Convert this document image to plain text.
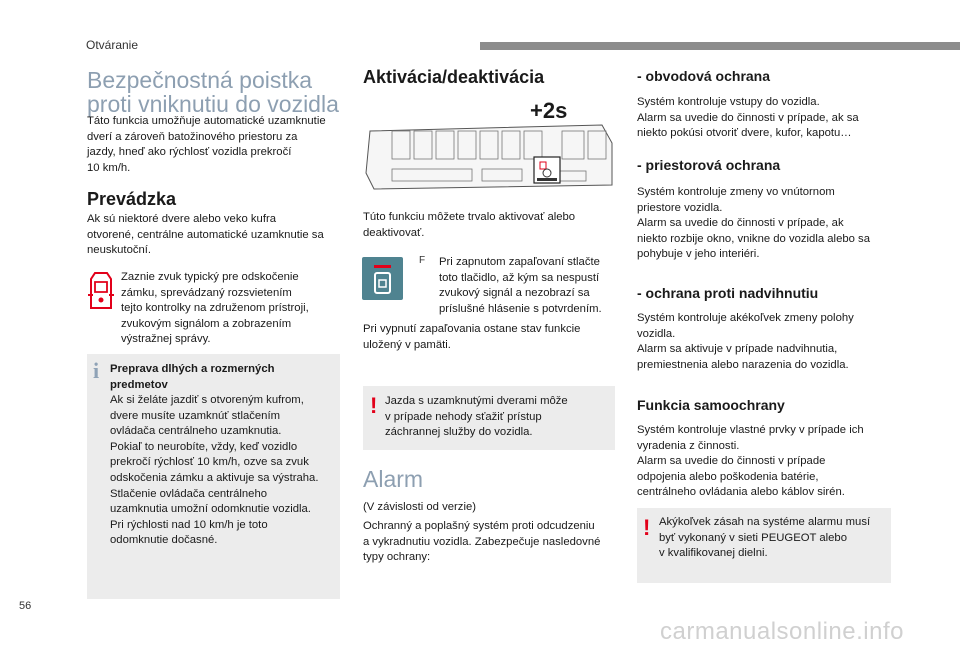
Otváranie
Bezpečnostná poistka
proti vniknutiu do vozidla

Táto funkcia umožňuje automatické uzamknutie
dverí a zároveň batožinového priestoru za
jazdy, hneď ako rýchlosť vozidla prekročí
10 km/h.

Prevádzka

Ak sú niektoré dvere alebo veko kufra
otvorené, centrálne automatické uzamknutie sa
neuskutoční.

Zaznie zvuk typický pre odskočenie
zámku, sprevádzaný rozsvietením
tejto kontrolky na združenom prístroji,
zvukovým signálom a zobrazením
výstražnej správy.

i Preprava dlhých a rozmerných
predmetov

Ak si želáte jazdiť s otvoreným kufrom,
dvere musíte uzamknúť stlačením
ovládača centrálneho uzamknutia.
Pokiaľ to neurobíte, vždy, keď vozidlo
prekročí rýchlosť 10 km/h, ozve sa zvuk
odskočenia zámku a aktivuje sa výstraha.
Stlačenie ovládača centrálneho
uzamknutia umožní odomknutie vozidla.
Pri rýchlosti nad 10 km/h je toto
odomknutie dočasné.

Aktivácia/deaktivácia
+2s

Túto funkciu môžete trvalo aktivovať alebo
deaktivovať.

F Pri zapnutom zapaľovaní stlačte
toto tlačidlo, až kým sa nespustí
zvukový signál a nezobrazí sa
príslušné hlásenie s potvrdením.

Pri vypnutí zapaľovania ostane stav funkcie
uložený v pamäti.

! Jazda s uzamknutými dverami môže
v prípade nehody sťažiť prístup
záchrannej služby do vozidla.

Alarm

(V závislosti od verzie)

Ochranný a poplašný systém proti odcudzeniu
a vykradnutiu vozidla. Zabezpečuje nasledovné
typy ochrany:

- obvodová ochrana

Systém kontroluje vstupy do vozidla.
Alarm sa uvedie do činnosti v prípade, ak sa
niekto pokúsi otvoriť dvere, kufor, kapotu…

- priestorová ochrana

Systém kontroluje zmeny vo vnútornom
priestore vozidla.
Alarm sa uvedie do činnosti v prípade, ak
niekto rozbije okno, vnikne do vozidla alebo sa
pohybuje v jeho interiéri.

- ochrana proti nadvihnutiu

Systém kontroluje akékoľvek zmeny polohy
vozidla.
Alarm sa aktivuje v prípade nadvihnutia,
premiestnenia alebo narazenia do vozidla.

Funkcia samoochrany

Systém kontroluje vlastné prvky v prípade ich
vyradenia z činnosti.
Alarm sa uvedie do činnosti v prípade
odpojenia alebo poškodenia batérie,
centrálneho ovládania alebo káblov sirén.

! Akýkoľvek zásah na systéme alarmu musí
byť vykonaný v sieti PEUGEOT alebo
v kvalifikovanej dielni.

56
carmanualsonline.info
